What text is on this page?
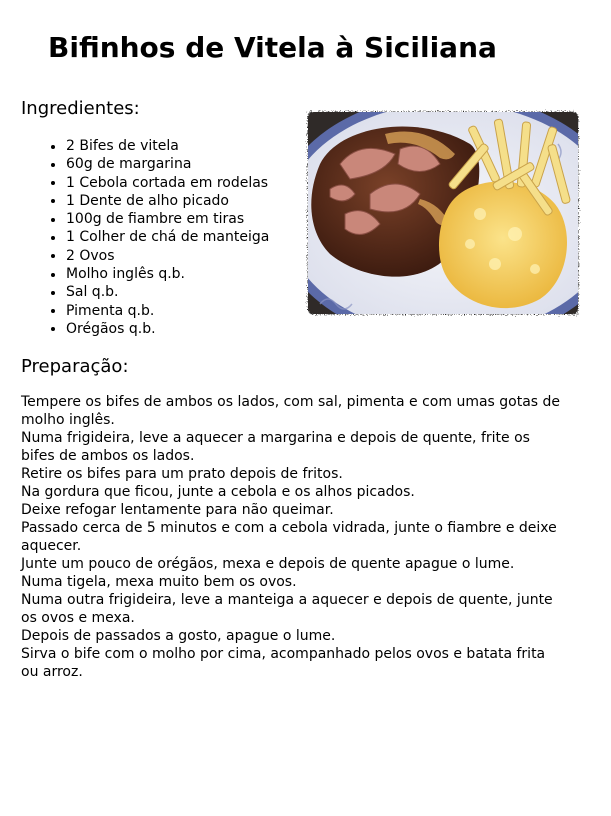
Bifinhos de Vitela à Siciliana
Ingredientes:
2 Bifes de vitela
60g de margarina
1 Cebola cortada em rodelas
1 Dente de alho picado
100g de fiambre em tiras
1 Colher de chá de manteiga
2 Ovos
Molho inglês q.b.
Sal q.b.
Pimenta q.b.
Orégãos q.b.
Preparação:

Tempere os bifes de ambos os lados, com sal, pimenta e com umas gotas de molho inglês.

Numa frigideira, leve a aquecer a margarina e depois de quente, frite os bifes de ambos os lados.

Retire os bifes para um prato depois de fritos.

Na gordura que ficou, junte a cebola e os alhos picados.

Deixe refogar lentamente para não queimar.

Passado cerca de 5 minutos e com a cebola vidrada, junte o fiambre e deixe aquecer.

Junte um pouco de orégãos, mexa e depois de quente apague o lume.

Numa tigela, mexa muito bem os ovos.

Numa outra frigideira, leve a manteiga a aquecer e depois de quente, junte os ovos e mexa.

Depois de passados a gosto, apague o lume.

Sirva o bife com o molho por cima, acompanhado pelos ovos e batata frita ou arroz.
